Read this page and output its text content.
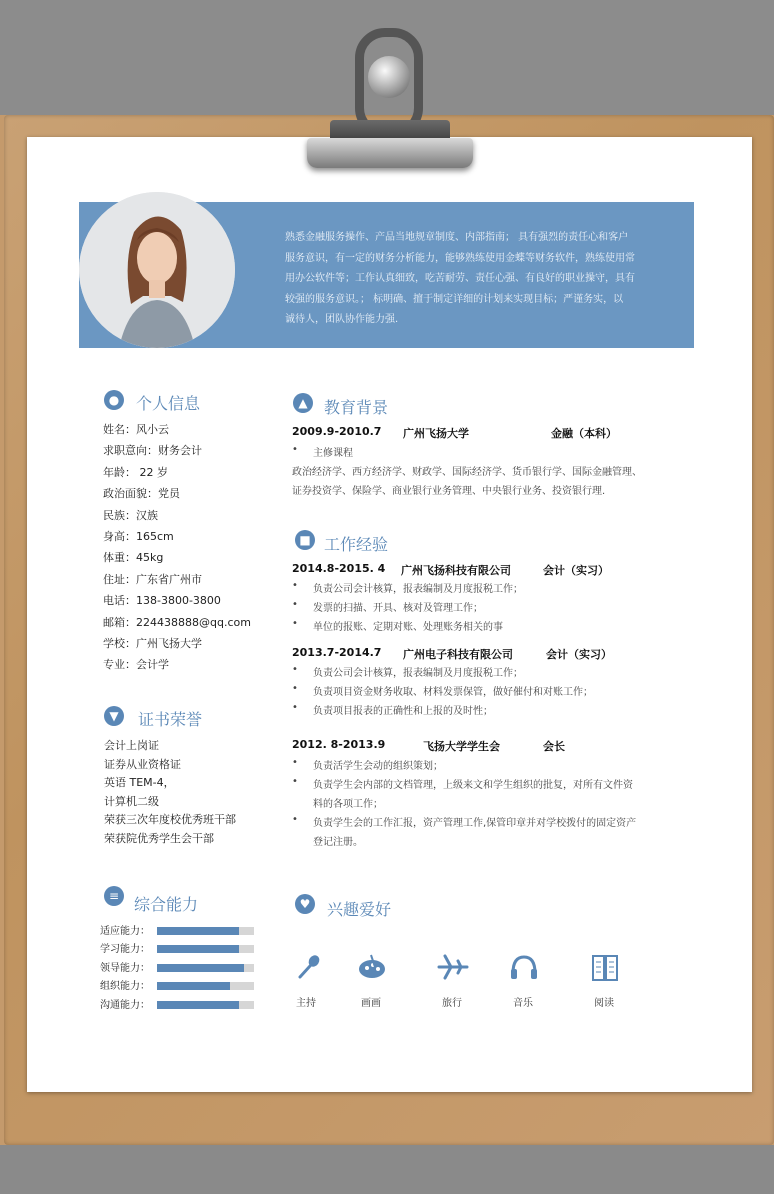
熟悉金融服务操作、产品当地规章制度、内部指南； 具有强烈的责任心和客户
服务意识，有一定的财务分析能力，能够熟练使用金蝶等财务软件，熟练使用常
用办公软件等；工作认真细致，吃苦耐劳、责任心强、有良好的职业操守，具有
较强的服务意识。； 标明确、擅于制定详细的计划来实现目标；严谨务实，以
诚待人，团队协作能力强.
● 个人信息
姓名：风小云
求职意向：财务会计
年龄： 22 岁
政治面貌：党员
民族：汉族
身高：165cm
体重：45kg
住址：广东省广州市
电话：138-3800-3800
邮箱：224438888@qq.com
学校：广州飞扬大学
专业：会计学
▼	证书荣誉
会计上岗证
证券从业资格证
英语 TEM-4，
计算机二级
荣获三次年度校优秀班干部
荣获院优秀学生会干部
≡ 综合能力
适应能力：
学习能力：
领导能力：
组织能力：
沟通能力：
▲	教育背景
2009.9-2010.7 广州飞扬大学	金融（本科）
• 主修课程
政治经济学、西方经济学、财政学、国际经济学、货币银行学、国际金融管理、
证券投资学、保险学、商业银行业务管理、中央银行业务、投资银行理.
■ 工作经验
2014.8-2015. 4 广州飞扬科技有限公司	会计（实习）
• 负责公司会计核算，报表编制及月度报税工作；
• 发票的扫描、开具、核对及管理工作；
• 单位的报账、定期对账、处理账务相关的事
2013.7-2014.7 广州电子科技有限公司	会计（实习）
• 负责公司会计核算，报表编制及月度报税工作；
• 负责项目资金财务收取、材料发票保管，做好催付和对账工作；
• 负责项目报表的正确性和上报的及时性；
2012. 8-2013.9	飞扬大学学生会	会长
• 负责活学生会动的组织策划；
• 负责学生会内部的文档管理，上级来文和学生组织的批复，对所有文件资
料的各项工作；
• 负责学生会的工作汇报，资产管理工作,保管印章并对学校拨付的固定资产
登记注册。
♥ 兴趣爱好
主持	画画	旅行	音乐	阅读
